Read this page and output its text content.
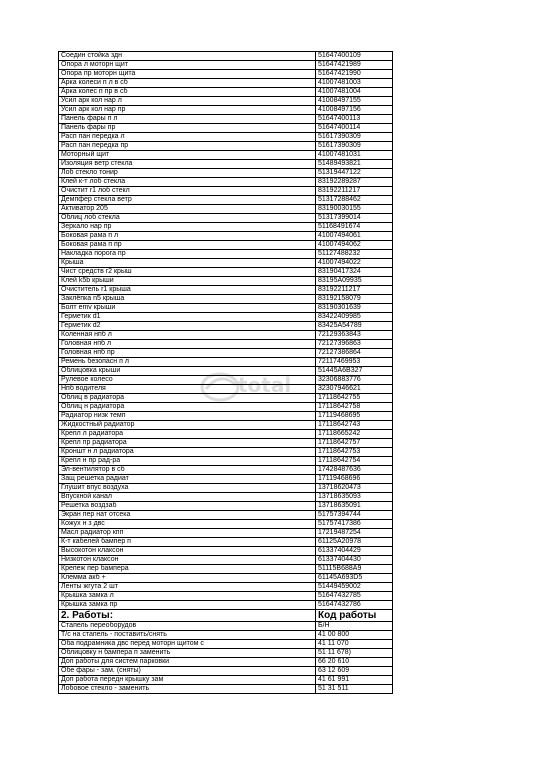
Соедин стойка здн	51647400109
Опора л моторн щит	51647421989
Опора пр моторн щита	51647421990
Арка колеси п л в сб	41007481003
Арка колес п пр в сб	41007481004
Усил арк кол нар л	41008497155
Усил арк кол нар пр	41008497156
Панель фары п л	51647400113
Панель фары пр	51647400114
Расп пан передка л	51617390309
Расп пан передка пр	51617390309
Моторный щит	41007481031
Изоляция ветр стекла	51489493821
Лоб стекло тонир	51319447122
Клей к-т лоб стекла	83192289287
Очистит r1 лоб стекл	83192211217
Демпфер стекла ветр	51317288462
Активатор 205	83190030155
Облиц лоб стекла	51317399014
Зеркало нар пр	51168491674
Боковая рама п л	41007494061
Боковая рама п пр	41007494062
Накладка порога пр	51127488232
Крыша	41007494022
Чист средств r2 крыш	83190417324
Клей k5b крыши	83195A09935
Очиститель r1 крыша	83192211217
Заклёпка n5 крыша	83192158079
Болт emv крыши	83190301639
Герметик d1	83422409985
Герметик d2	83425A54789
Коленная нпб л	72129363843
Головная нпб л	72127396863
Головная нпб пр	72127386864
Ремень безопасн п л	72117469953
Облицовка крыши	51445A6B327
Рулевое колесо	32306883776
Нпб водителя	32307946621
Облиц в радиатора	17118642755
Облиц н радиатора	17118642758
Радиатор низк темп	17119468695
Жидкостный радиатор	17118642743
Крепл л радиатора	17118665242
Крепл пр радиатора	17118642757
Кроншт н л радиатора	17118642753
Крепл н пр рад-ра	17118642754
Эл-вентилятор в сб	17428487636
Защ решетка радиат	17119468696
Глушит впус воздуха	13718620473
Впускной канал	13718635093
Решетка воздзаб	13718635091
Экран пер нат отсека	51757394744
Кожух н з двс	51757417386
Масл радиатор кпп	17219487254
К-т кабелей бампер п	61125A20978
Высокотон клаксон	61337404429
Низкотон клаксон	61337404430
Крепеж пер бампера	51115B688A9
Клемма акб +	61145A693D5
Ленты жгута 2 шт	51449459002
Крышка замка л	51647432785
Крышка замка пр	51647432786
2. Работы:	Код работы
Стапель переоборудов	Б/Н
Т/с на стапель - поставить/снять	41 00 800
Оба подрамника двс перед моторн щитом с	41 11 070
Облицовку н бампера п заменить	51 11 678)
Доп работы для систем парковки	66 20 610
Обе фары - зам. (сняты)	63 12 609
Доп работа передн крышку зам	41 61 991
Лобовое стекло - заменить	51 31 511
total
